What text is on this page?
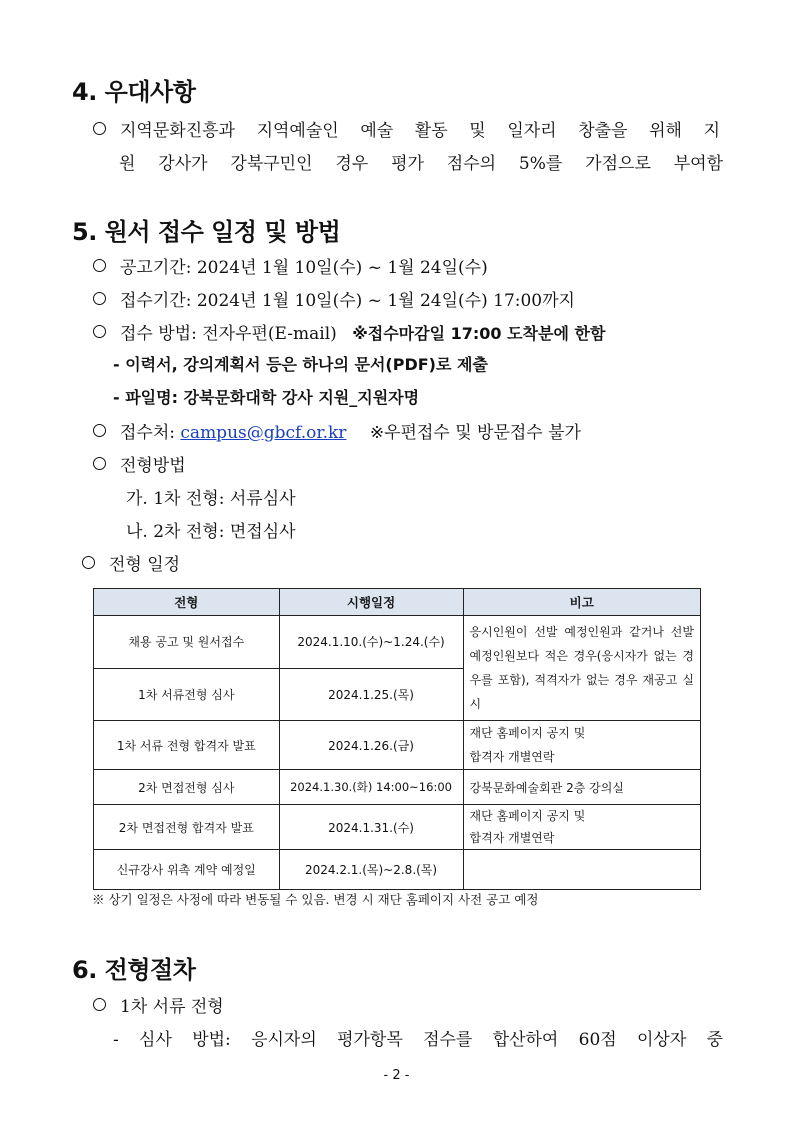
4. 우대사항
지역문화진흥과 지역예술인 예술 활동 및 일자리 창출을 위해 지
원 강사가 강북구민인 경우 평가 점수의 5%를 가점으로 부여함
5. 원서 접수 일정 및 방법
공고기간: 2024년 1월 10일(수) ~ 1월 24일(수)
접수기간: 2024년 1월 10일(수) ~ 1월 24일(수) 17:00까지
접수 방법: 전자우편(E-mail) ※접수마감일 17:00 도착분에 한함
- 이력서, 강의계획서 등은 하나의 문서(PDF)로 제출
- 파일명: 강북문화대학 강사 지원_지원자명
접수처: campus@gbcf.or.kr ※우편접수 및 방문접수 불가
전형방법
가. 1차 전형: 서류심사
나. 2차 전형: 면접심사
전형 일정
전형	시행일정	비고
채용 공고 및 원서접수	2024.1.10.(수)~1.24.(수)	응시인원이 선발 예정인원과 같거나 선발 예정인원보다 적은 경우(응시자가 없는 경우를 포함), 적격자가 없는 경우 재공고 실시
1차 서류전형 심사	2024.1.25.(목)	
1차 서류 전형 합격자 발표	2024.1.26.(금)	재단 홈페이지 공지 및
합격자 개별연락

2차 면접전형 심사	2024.1.30.(화) 14:00~16:00	강북문화예술회관 2층 강의실
2차 면접전형 합격자 발표	2024.1.31.(수)	재단 홈페이지 공지 및
합격자 개별연락

신규강사 위촉 계약 예정일	2024.2.1.(목)~2.8.(목)	
※ 상기 일정은 사정에 따라 변동될 수 있음. 변경 시 재단 홈페이지 사전 공고 예정
6. 전형절차
1차 서류 전형
- 심사 방법: 응시자의 평가항목 점수를 합산하여 60점 이상자 중
- 2 -
